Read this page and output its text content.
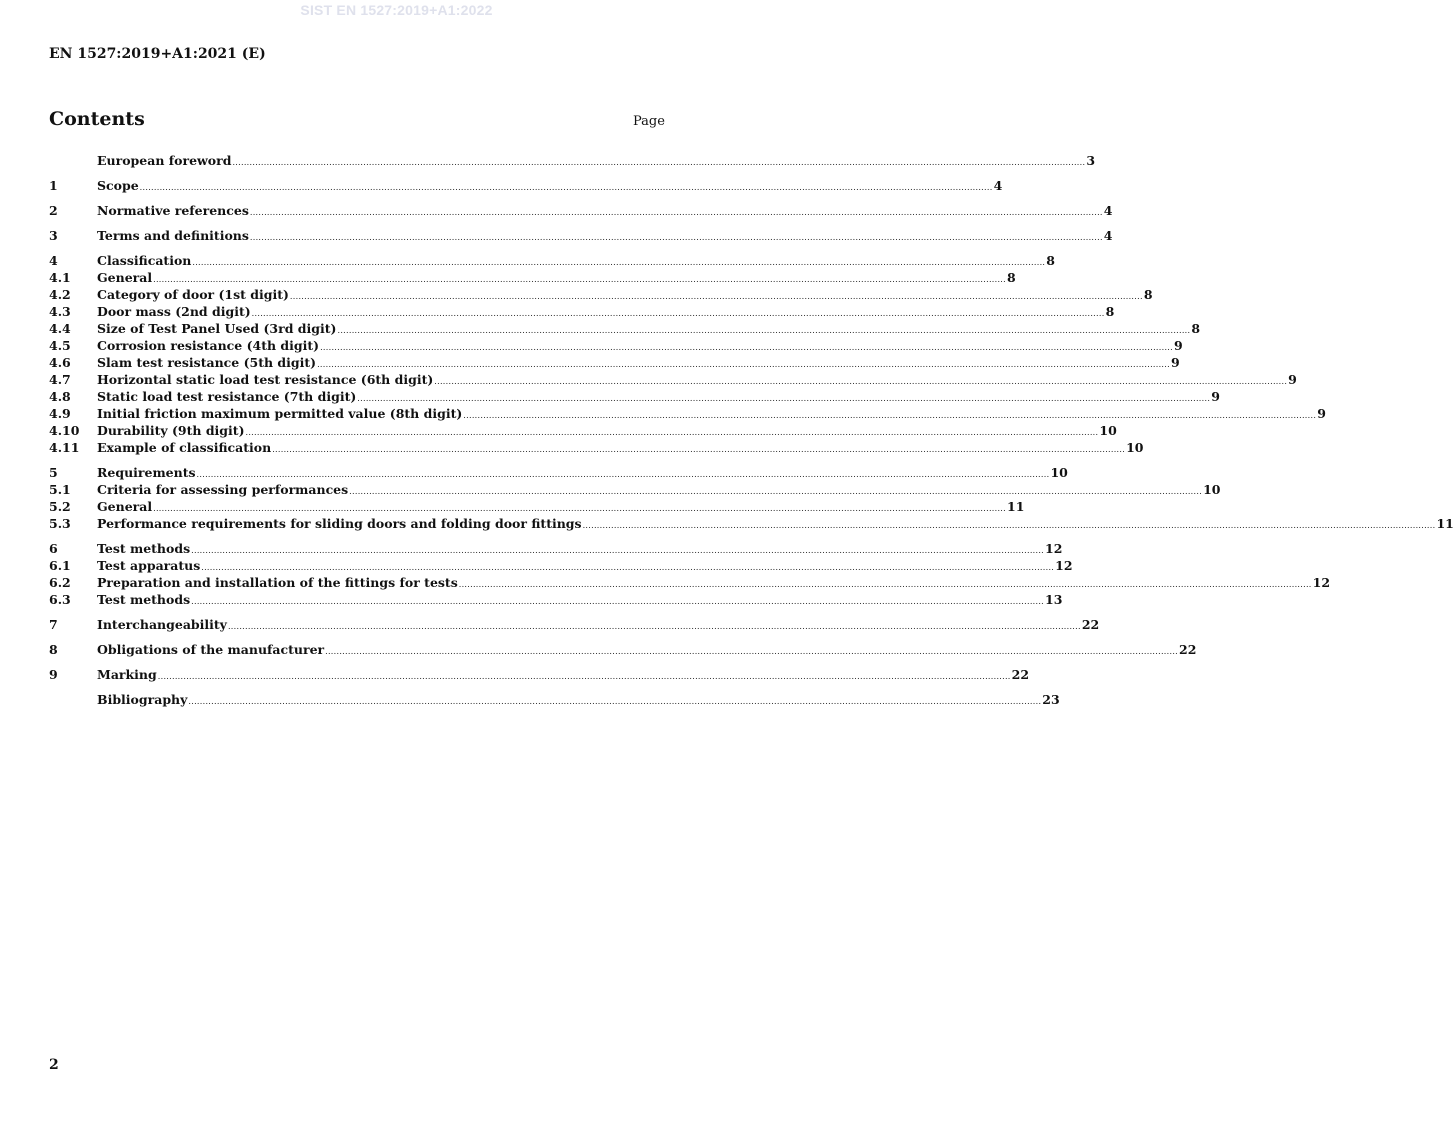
SIST EN 1527:2019+A1:2022
EN 1527:2019+A1:2021 (E)
Contents	Page
European foreword ............................................................................................................................................................................................................................................................................................................ 3
1	Scope ............................................................................................................................................................................................................................................................................................................ 4
2	Normative references ............................................................................................................................................................................................................................................................................................................ 4
3	Terms and definitions ............................................................................................................................................................................................................................................................................................................ 4
4	Classification ............................................................................................................................................................................................................................................................................................................ 8
4.1	General ............................................................................................................................................................................................................................................................................................................ 8
4.2	Category of door (1st digit) ............................................................................................................................................................................................................................................................................................................ 8
4.3	Door mass (2nd digit) ............................................................................................................................................................................................................................................................................................................ 8
4.4	Size of Test Panel Used (3rd digit) ............................................................................................................................................................................................................................................................................................................ 8
4.5	Corrosion resistance (4th digit) ............................................................................................................................................................................................................................................................................................................ 9
4.6	Slam test resistance (5th digit) ............................................................................................................................................................................................................................................................................................................ 9
4.7	Horizontal static load test resistance (6th digit) ............................................................................................................................................................................................................................................................................................................ 9
4.8	Static load test resistance (7th digit) ............................................................................................................................................................................................................................................................................................................ 9
4.9	Initial friction maximum permitted value (8th digit) ............................................................................................................................................................................................................................................................................................................ 9
4.10	Durability (9th digit) ............................................................................................................................................................................................................................................................................................................ 10
4.11	Example of classification ............................................................................................................................................................................................................................................................................................................ 10
5	Requirements ............................................................................................................................................................................................................................................................................................................ 10
5.1	Criteria for assessing performances ............................................................................................................................................................................................................................................................................................................ 10
5.2	General ............................................................................................................................................................................................................................................................................................................ 11
5.3	Performance requirements for sliding doors and folding door fittings ............................................................................................................................................................................................................................................................................................................ 11
6	Test methods ............................................................................................................................................................................................................................................................................................................ 12
6.1	Test apparatus ............................................................................................................................................................................................................................................................................................................ 12
6.2	Preparation and installation of the fittings for tests ............................................................................................................................................................................................................................................................................................................ 12
6.3	Test methods ............................................................................................................................................................................................................................................................................................................ 13
7	Interchangeability ............................................................................................................................................................................................................................................................................................................ 22
8	Obligations of the manufacturer ............................................................................................................................................................................................................................................................................................................ 22
9	Marking ............................................................................................................................................................................................................................................................................................................ 22
Bibliography ............................................................................................................................................................................................................................................................................................................ 23
2
